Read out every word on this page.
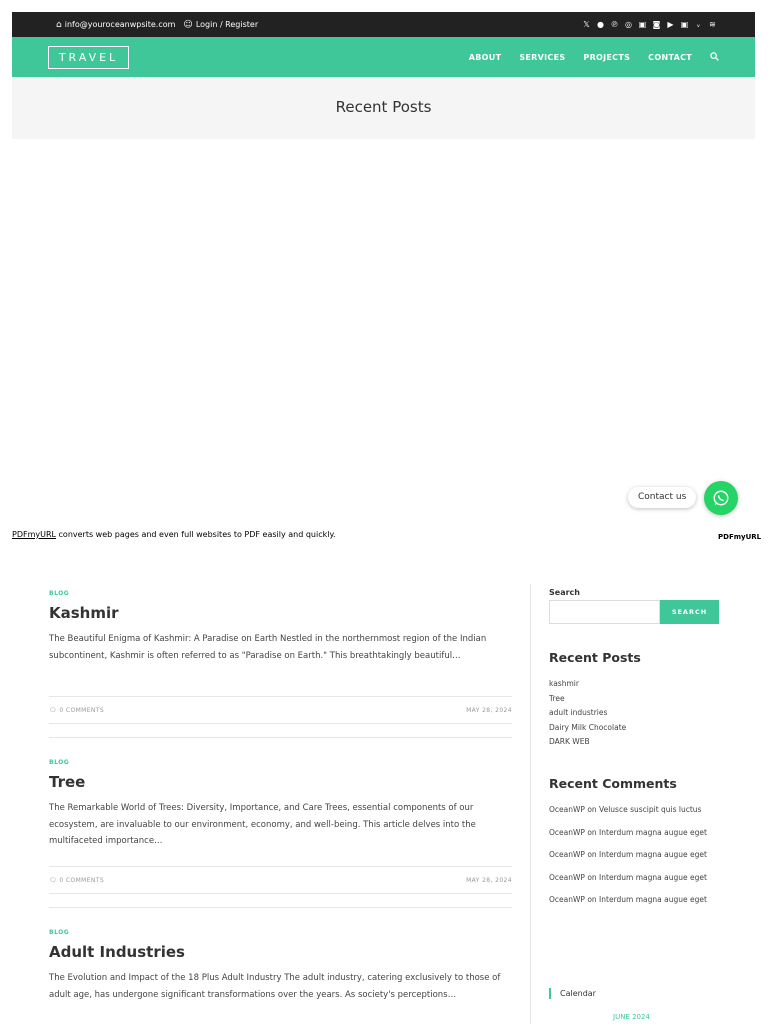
⌂ info@youroceanwpsite.com ☺ Login / Register	𝕏 ● ℗ ◎ ▣ ◙ ▶ ▣	ᵥ	≋
TRAVEL	ABOUT SERVICES PROJECTS CONTACT
Recent Posts
Contact us
PDFmyURL converts web pages and even full websites to PDF easily and quickly.	PDFmyURL
BLOG
Kashmir
The Beautiful Enigma of Kashmir: A Paradise on Earth Nestled in the northernmost region of the Indian subcontinent, Kashmir is often referred to as "Paradise on Earth." This breathtakingly beautiful…
🗨 0 COMMENTS	MAY 28, 2024
BLOG
Tree
The Remarkable World of Trees: Diversity, Importance, and Care Trees, essential components of our ecosystem, are invaluable to our environment, economy, and well-being. This article delves into the multifaceted importance…
🗨 0 COMMENTS	MAY 28, 2024
BLOG
Adult Industries
The Evolution and Impact of the 18 Plus Adult Industry The adult industry, catering exclusively to those of adult age, has undergone significant transformations over the years. As society's perceptions…
Search
SEARCH
Recent Posts
kashmir
Tree
adult industries
Dairy Milk Chocolate
DARK WEB
Recent Comments
OceanWP on Velusce suscipit quis luctus
OceanWP on Interdum magna augue eget
OceanWP on Interdum magna augue eget
OceanWP on Interdum magna augue eget
OceanWP on Interdum magna augue eget
Calendar
JUNE 2024
